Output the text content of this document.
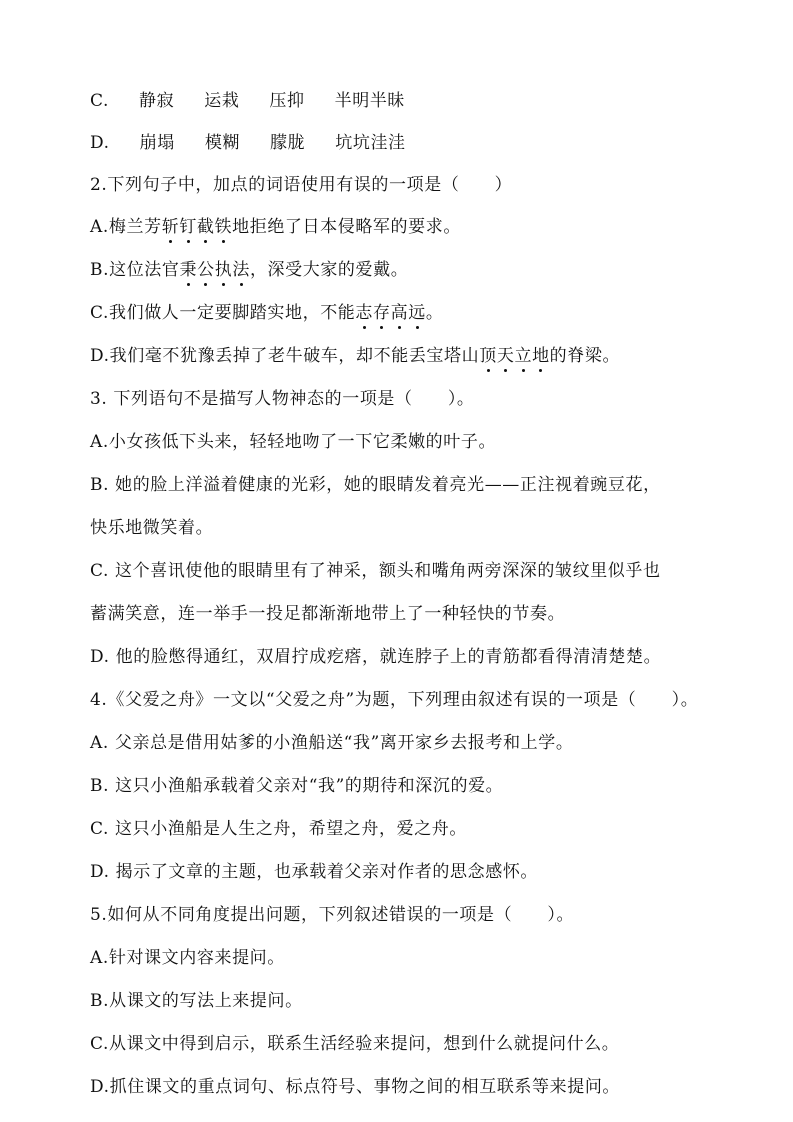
C. 静寂 运栽 压抑 半明半昧
D. 崩塌 模糊 朦胧 坑坑洼洼
2.下列句子中，加点的词语使用有误的一项是（　　）
A.梅兰芳斩钉截铁地拒绝了日本侵略军的要求。
B.这位法官秉公执法，深受大家的爱戴。
C.我们做人一定要脚踏实地，不能志存高远。
D.我们毫不犹豫丢掉了老牛破车，却不能丢宝塔山顶天立地的脊梁。
3. 下列语句不是描写人物神态的一项是（　　）。
A.小女孩低下头来，轻轻地吻了一下它柔嫩的叶子。
B. 她的脸上洋溢着健康的光彩，她的眼睛发着亮光——正注视着豌豆花，
快乐地微笑着。
C. 这个喜讯使他的眼睛里有了神采，额头和嘴角两旁深深的皱纹里似乎也
蓄满笑意，连一举手一投足都渐渐地带上了一种轻快的节奏。
D. 他的脸憋得通红，双眉拧成疙瘩，就连脖子上的青筋都看得清清楚楚。
4.《父爱之舟》一文以“父爱之舟”为题，下列理由叙述有误的一项是（　　）。
A. 父亲总是借用姑爹的小渔船送“我”离开家乡去报考和上学。
B. 这只小渔船承载着父亲对“我”的期待和深沉的爱。
C. 这只小渔船是人生之舟，希望之舟，爱之舟。
D. 揭示了文章的主题，也承载着父亲对作者的思念感怀。
5.如何从不同角度提出问题，下列叙述错误的一项是（　　）。
A.针对课文内容来提问。
B.从课文的写法上来提问。
C.从课文中得到启示，联系生活经验来提问，想到什么就提问什么。
D.抓住课文的重点词句、标点符号、事物之间的相互联系等来提问。
